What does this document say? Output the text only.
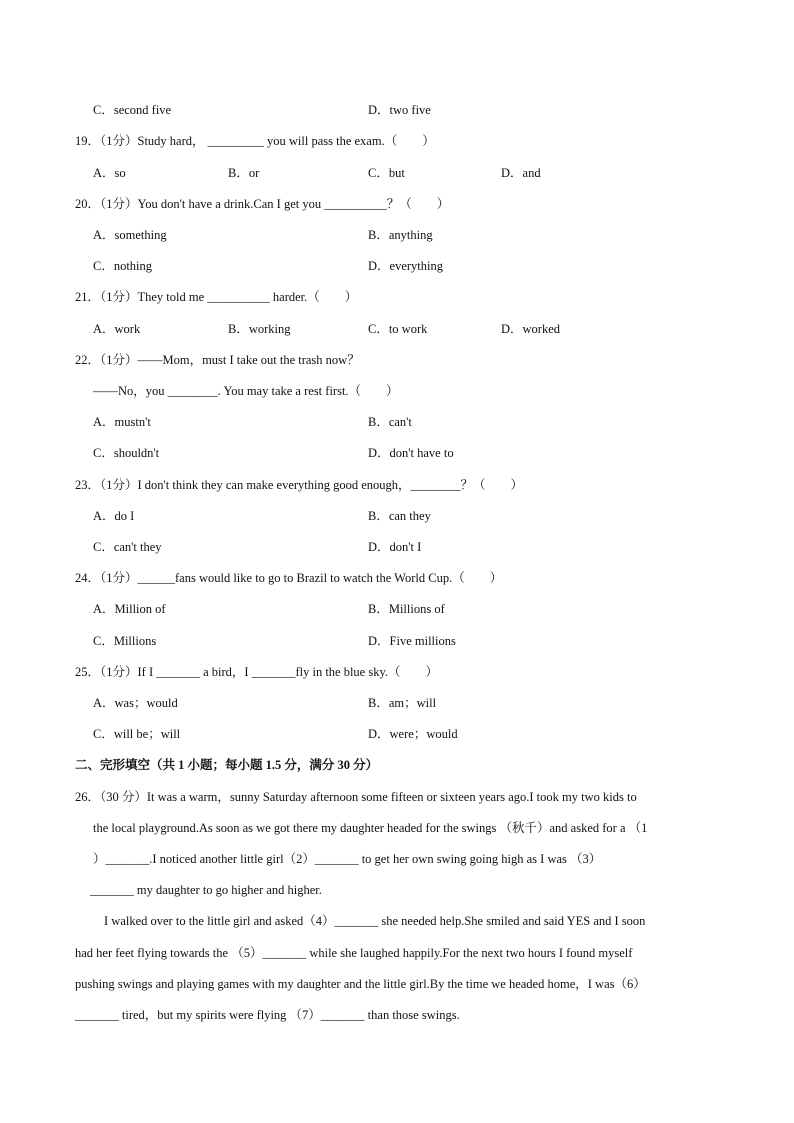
C．second five	D．two five
19．（1分）Study hard， _________ you will pass the exam.（　　）
A．so	B．or	C．but	D．and
20．（1分）You don't have a drink.Can I get you __________？（　　）
A．something	B．anything
C．nothing	D．everything
21．（1分）They told me __________ harder.（　　）
A．work	B．working	C．to work	D．worked
22．（1分）——Mom，must I take out the trash now？
——No，you ________. You may take a rest first.（　　）
A．mustn't	B．can't
C．shouldn't	D．don't have to
23．（1分）I don't think they can make everything good enough，________？（　　）
A．do I	B．can they
C．can't they	D．don't I
24．（1分）______fans would like to go to Brazil to watch the World Cup.（　　）
A．Million of	B．Millions of
C．Millions	D．Five millions
25．（1分）If I _______ a bird，I _______fly in the blue sky.（　　）
A．was；would	B．am；will
C．will be；will	D．were；would
二、完形填空（共 1 小题；每小题 1.5 分，满分 30 分）
26．（30 分）It was a warm，sunny Saturday afternoon some fifteen or sixteen years ago.I took my two kids to
the local playground.As soon as we got there my daughter headed for the swings （秋千）and asked for a （1
）_______.I noticed another little girl（2）_______ to get her own swing going high as I was （3）
_______ my daughter to go higher and higher.
I walked over to the little girl and asked（4）_______ she needed help.She smiled and said YES and I soon
had her feet flying towards the （5）_______ while she laughed happily.For the next two hours I found myself
pushing swings and playing games with my daughter and the little girl.By the time we headed home，I was（6）
_______ tired，but my spirits were flying （7）_______ than those swings.
